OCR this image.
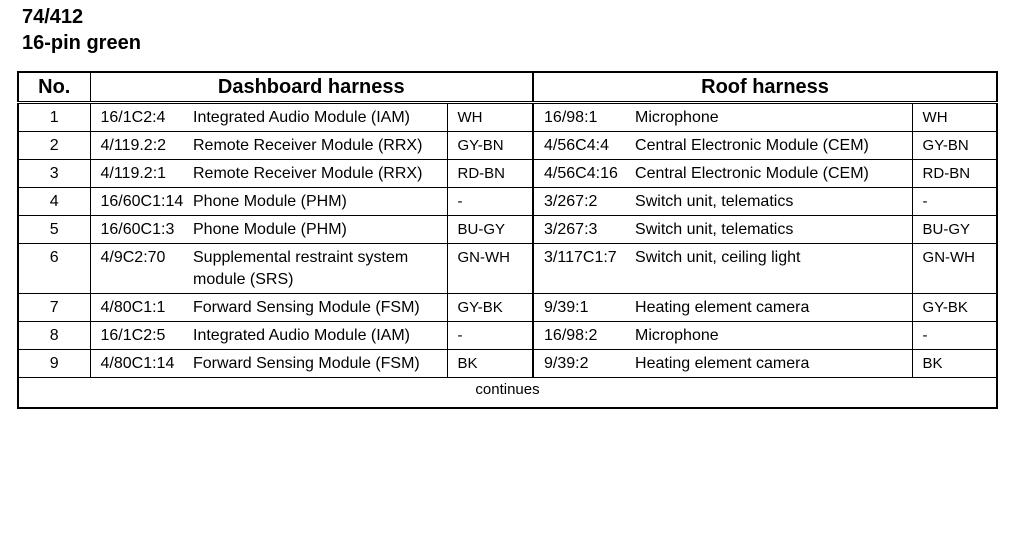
74/412
16-pin green
No.	Dashboard harness			Roof harness		
1	16/1C2:4	Integrated Audio Module (IAM)	WH	16/98:1	Microphone	WH
2	4/119.2:2	Remote Receiver Module (RRX)	GY-BN	4/56C4:4	Central Electronic Module (CEM)	GY-BN
3	4/119.2:1	Remote Receiver Module (RRX)	RD-BN	4/56C4:16	Central Electronic Module (CEM)	RD-BN
4	16/60C1:14	Phone Module (PHM)	-	3/267:2	Switch unit, telematics	-
5	16/60C1:3	Phone Module (PHM)	BU-GY	3/267:3	Switch unit, telematics	BU-GY
6	4/9C2:70	Supplemental restraint system module (SRS)	GN-WH	3/117C1:7	Switch unit, ceiling light	GN-WH
7	4/80C1:1	Forward Sensing Module (FSM)	GY-BK	9/39:1	Heating element camera	GY-BK
8	16/1C2:5	Integrated Audio Module (IAM)	-	16/98:2	Microphone	-
9	4/80C1:14	Forward Sensing Module (FSM)	BK	9/39:2	Heating element camera	BK
continues						
